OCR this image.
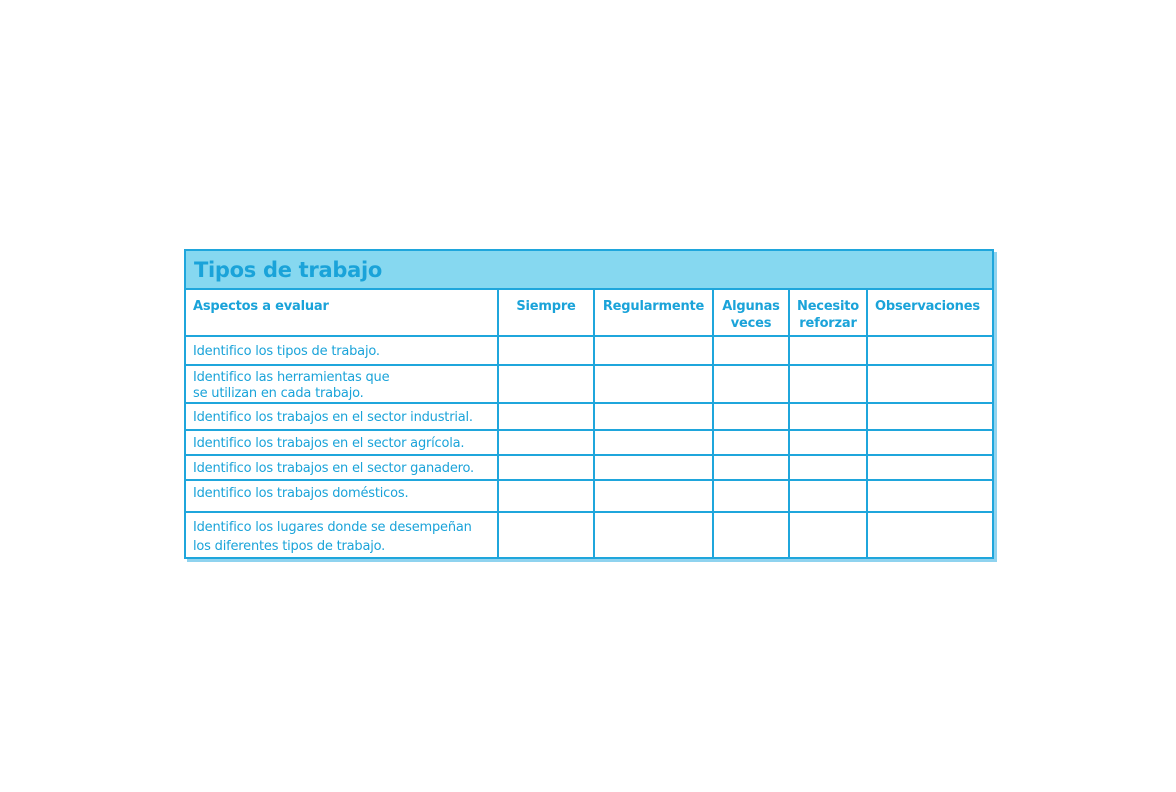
Tipos de trabajo
Aspectos a evaluar	Siempre	Regularmente	Algunas veces	Necesito reforzar	Observaciones

Identifico los tipos de trabajo.					

Identifico las herramientas que
se utilizan en cada trabajo.					

Identifico los trabajos en el sector industrial.					

Identifico los trabajos en el sector agrícola.					

Identifico los trabajos en el sector ganadero.					

Identifico los trabajos domésticos.					

Identifico los lugares donde se desempeñan
los diferentes tipos de trabajo.					
